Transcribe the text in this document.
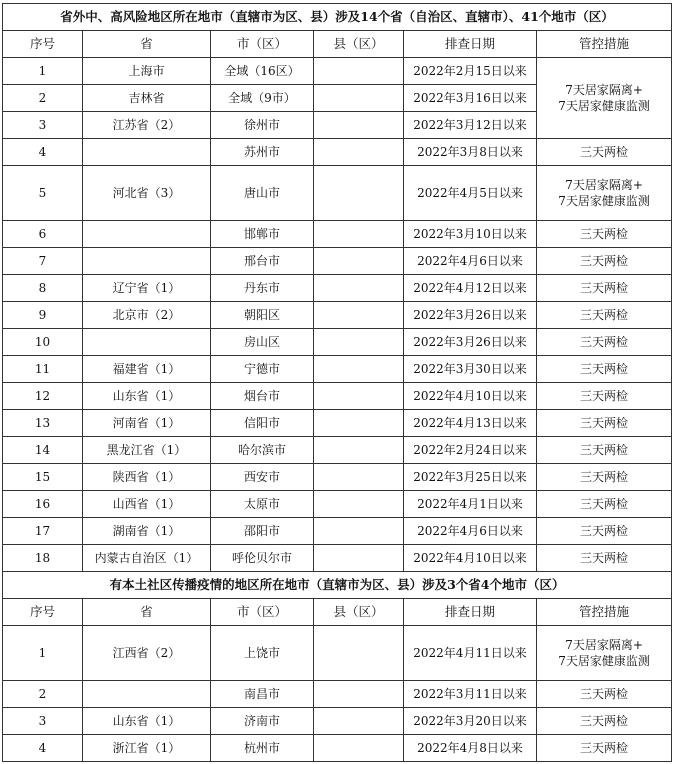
省外中、高风险地区所在地市（直辖市为区、县）涉及14个省（自治区、直辖市）、41个地市（区）					
序号	省	市（区）	县（区）	排查日期	管控措施
1	上海市	全域（16区）		2022年2月15日以来	7天居家隔离+
7天居家健康监测

2	吉林省	全域（9市）		2022年3月16日以来	
3	江苏省（2）	徐州市		2022年3月12日以来	
4		苏州市		2022年3月8日以来	三天两检
5	河北省（3）	唐山市		2022年4月5日以来	7天居家隔离+
7天居家健康监测

6		邯郸市		2022年3月10日以来	三天两检
7		邢台市		2022年4月6日以来	三天两检
8	辽宁省（1）	丹东市		2022年4月12日以来	三天两检
9	北京市（2）	朝阳区		2022年3月26日以来	三天两检
10		房山区		2022年3月26日以来	三天两检
11	福建省（1）	宁德市		2022年3月30日以来	三天两检
12	山东省（1）	烟台市		2022年4月10日以来	三天两检
13	河南省（1）	信阳市		2022年4月13日以来	三天两检
14	黑龙江省（1）	哈尔滨市		2022年2月24日以来	三天两检
15	陕西省（1）	西安市		2022年3月25日以来	三天两检
16	山西省（1）	太原市		2022年4月1日以来	三天两检
17	湖南省（1）	邵阳市		2022年4月6日以来	三天两检
18	内蒙古自治区（1）	呼伦贝尔市		2022年4月10日以来	三天两检
有本土社区传播疫情的地区所在地市（直辖市为区、县）涉及3个省4个地市（区）					
序号	省	市（区）	县（区）	排查日期	管控措施
1	江西省（2）	上饶市		2022年4月11日以来	7天居家隔离+
7天居家健康监测

2		南昌市		2022年3月11日以来	三天两检
3	山东省（1）	济南市		2022年3月20日以来	三天两检
4	浙江省（1）	杭州市		2022年4月8日以来	三天两检
